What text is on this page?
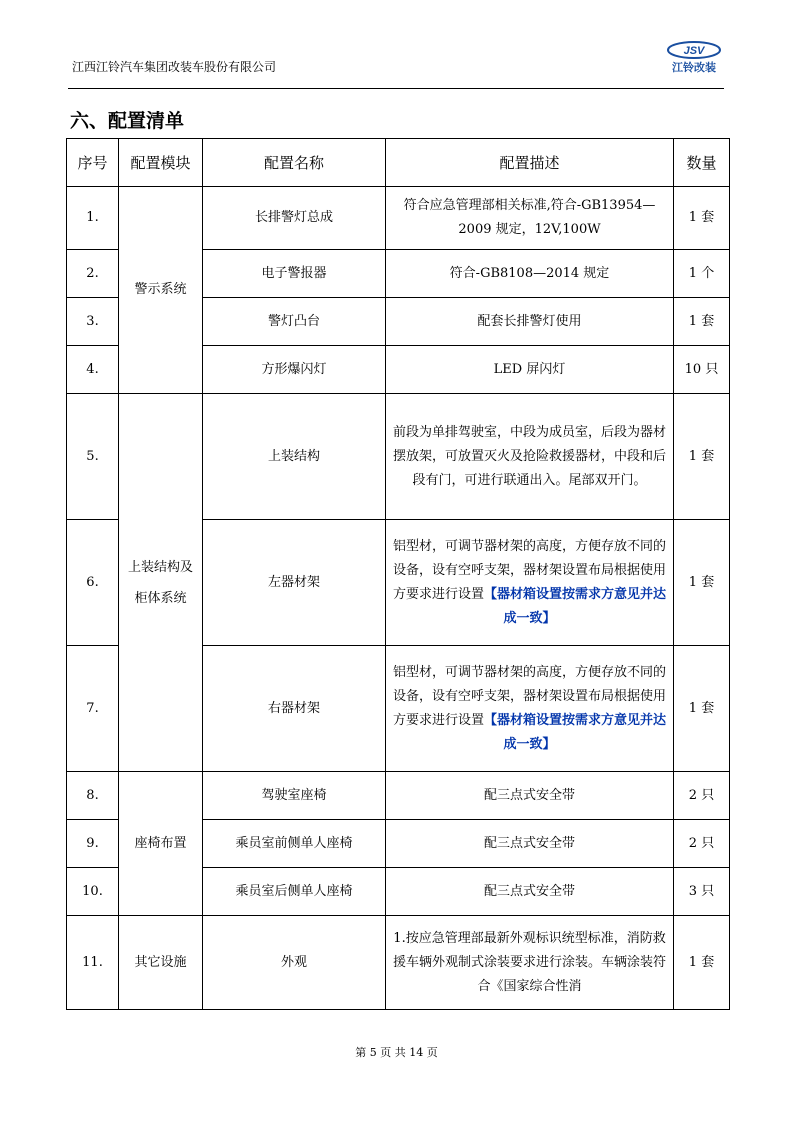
江西江铃汽车集团改装车股份有限公司
JSV
江铃改装
六、配置清单
序号	配置模块	配置名称	配置描述	数量
1.	警示系统	长排警灯总成	符合应急管理部相关标准,符合-GB13954—2009 规定，12V,100W	1 套
2.		电子警报器	符合-GB8108—2014 规定	1 个
3.		警灯凸台	配套长排警灯使用	1 套
4.		方形爆闪灯	LED 屏闪灯	10 只
5.	上装结构及柜体系统	上装结构	前段为单排驾驶室，中段为成员室，后段为器材摆放架，可放置灭火及抢险救援器材，中段和后段有门，可进行联通出入。尾部双开门。	1 套
6.		左器材架	铝型材，可调节器材架的高度，方便存放不同的设备，设有空呼支架，器材架设置布局根据使用方要求进行设置【器材箱设置按需求方意见并达成一致】	1 套
7.		右器材架	铝型材，可调节器材架的高度，方便存放不同的设备，设有空呼支架，器材架设置布局根据使用方要求进行设置【器材箱设置按需求方意见并达成一致】	1 套
8.	座椅布置	驾驶室座椅	配三点式安全带	2 只
9.		乘员室前侧单人座椅	配三点式安全带	2 只
10.		乘员室后侧单人座椅	配三点式安全带	3 只
11.	其它设施	外观	1.按应急管理部最新外观标识统型标准，消防救援车辆外观制式涂装要求进行涂装。车辆涂装符合《国家综合性消	1 套
第 5 页 共 14 页
